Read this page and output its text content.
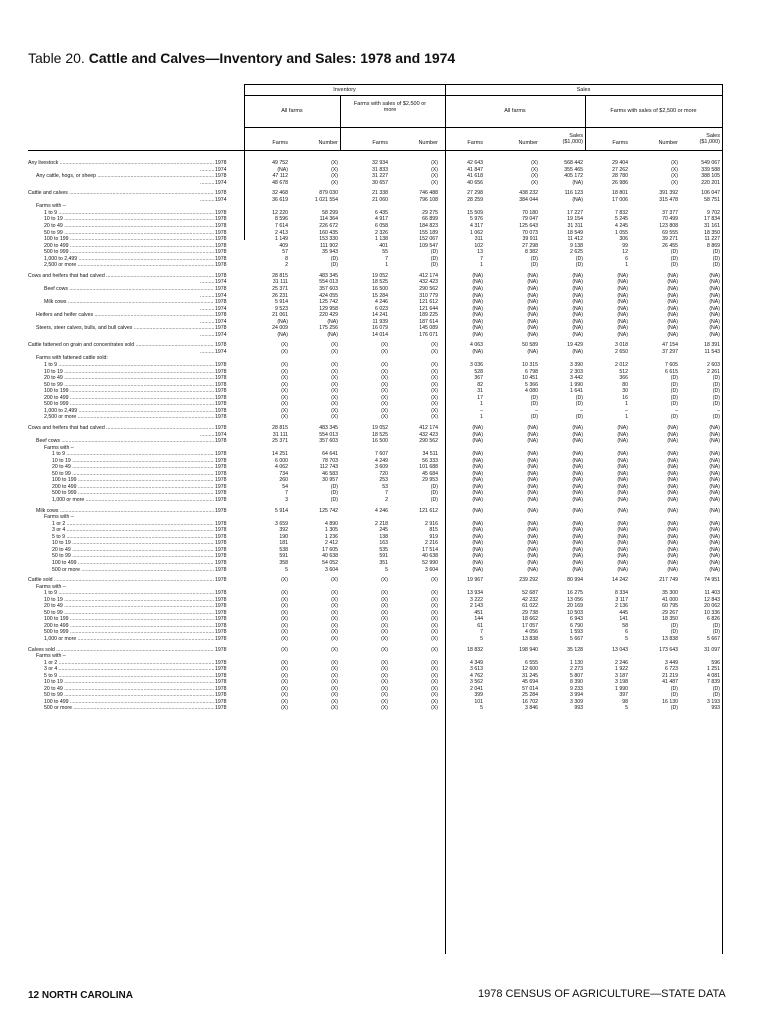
Table 20. Cattle and Calves—Inventory and Sales: 1978 and 1974
Inventory	Sales
All farms
Farms with sales of $2,500 or more	All farms	Farms with sales of $2,500 or more
Farms	Number	Farms	Number	Farms	Number
Sales ($1,000)	Farms	Number
Sales ($1,000)
Any livestock .....	1978	49 752	(X)	32 934	(X)	42 643	(X)	568 442	29 404	(X)	549 067
.....
1974	(NA)	(X)	31 833	(X)	41 847	(X)	355 465	27 262	(X)	339 588
Any cattle, hogs, or sheep .....	1978	47 112	(X)	31 227	(X)	41 618	(X)	405 172	28 780	(X)	388 105
.....
1974	48 678	(X)	30 657	(X)	40 656	(X)	(NA)	26 986	(X)	220 201
Cattle and calves .....	1978	32 468	879 030	21 338	746 488	27 298	438 232	116 123	18 801	391 392	106 047
.....
1974	36 619	1 021 554	21 060	796 108	28 259	384 044	(NA)	17 006	315 478	58 751
Farms with –
1 to 9 .....	1978	12 220	58 299	6 435	29 275	15 509	70 180	17 227	7 832	37 377	9 702
10 to 19 .....	1978	8 596	114 364	4 917	66 899	5 976	79 047	19 154	5 245	70 499	17 834
20 to 49 .....	1978	7 614	226 672	6 058	184 823	4 317	125 643	31 311	4 245	123 808	31 161
50 to 99 .....	1978	2 413	160 435	2 326	155 189	1 062	70 073	18 549	1 055	69 555	18 350
100 to 199 .....	1978	1 149	153 330	1 138	152 067	311	39 911	11 412	306	39 271	11 227
200 to 499 .....	1978	409	111 902	401	109 547	102	27 298	9 138	99	26 455	8 869
500 to 999 .....	1978	57	35 943	55	(D)	13	8 382	2 625	12	(D)	(D)
1,000 to 2,499 .....	1978	8	(D)	7	(D)	7	(D)	(D)	6	(D)	(D)
2,500 or more .....	1978	2	(D)	1	(D)	1	(D)	(D)	1	(D)	(D)
Cows and heifers that had calved .....	1978	28 815	483 345	19 052	412 174	(NA)	(NA)	(NA)	(NA)	(NA)	(NA)
.....
1974	31 111	554 013	18 525	432 423	(NA)	(NA)	(NA)	(NA)	(NA)	(NA)
Beef cows .....	1978	25 371	357 603	16 500	290 562	(NA)	(NA)	(NA)	(NA)	(NA)	(NA)
.....
1974	26 231	424 055	15 284	310 779	(NA)	(NA)	(NA)	(NA)	(NA)	(NA)
Milk cows .....	1978	5 914	125 742	4 246	121 612	(NA)	(NA)	(NA)	(NA)	(NA)	(NA)
.....
1974	9 523	129 958	6 023	121 644	(NA)	(NA)	(NA)	(NA)	(NA)	(NA)
Heifers and heifer calves .....	1978	21 061	220 429	14 241	189 225	(NA)	(NA)	(NA)	(NA)	(NA)	(NA)
.....
1974	(NA)	(NA)	11 939	187 614	(NA)	(NA)	(NA)	(NA)	(NA)	(NA)
Steers, steer calves, bulls, and bull calves .....	1978	24 009	175 256	16 079	145 089	(NA)	(NA)	(NA)	(NA)	(NA)	(NA)
.....
1974	(NA)	(NA)	14 014	176 071	(NA)	(NA)	(NA)	(NA)	(NA)	(NA)
Cattle fattened on grain and concentrates sold .....	1978	(X)	(X)	(X)	(X)	4 063	50 589	19 429	3 018	47 154	18 391
.....
1974	(X)	(X)	(X)	(X)	(NA)	(NA)	(NA)	2 650	37 297	11 543
Farms with fattened cattle sold:
1 to 9 .....	1978	(X)	(X)	(X)	(X)	3 036	10 315	3 390	2 012	7 605	2 603
10 to 19 .....	1978	(X)	(X)	(X)	(X)	528	6 798	2 303	512	6 615	2 261
20 to 49 .....	1978	(X)	(X)	(X)	(X)	367	10 451	3 442	366	(D)	(D)
50 to 99 .....	1978	(X)	(X)	(X)	(X)	82	5 366	1 990	80	(D)	(D)
100 to 199 .....	1978	(X)	(X)	(X)	(X)	31	4 080	1 641	30	(D)	(D)
200 to 499 .....	1978	(X)	(X)	(X)	(X)	17	(D)	(D)	16	(D)	(D)
500 to 999 .....	1978	(X)	(X)	(X)	(X)	1	(D)	(D)	1	(D)	(D)
1,000 to 2,499 .....	1978	(X)	(X)	(X)	(X)	–	–	–	–	–	–
2,500 or more .....	1978	(X)	(X)	(X)	(X)	1	(D)	(D)	1	(D)	(D)
Cows and heifers that had calved .....	1978	28 815	483 345	19 052	412 174	(NA)	(NA)	(NA)	(NA)	(NA)	(NA)
.....
1974	31 111	554 013	18 525	432 423	(NA)	(NA)	(NA)	(NA)	(NA)	(NA)
Beef cows .....	1978	25 371	357 603	16 500	290 562	(NA)	(NA)	(NA)	(NA)	(NA)	(NA)
Farms with –
1 to 9 .....	1978	14 251	64 641	7 607	34 511	(NA)	(NA)	(NA)	(NA)	(NA)	(NA)
10 to 19 .....	1978	6 000	78 703	4 249	56 333	(NA)	(NA)	(NA)	(NA)	(NA)	(NA)
20 to 49 .....	1978	4 062	112 743	3 609	101 688	(NA)	(NA)	(NA)	(NA)	(NA)	(NA)
50 to 99 .....	1978	734	46 583	720	45 684	(NA)	(NA)	(NA)	(NA)	(NA)	(NA)
100 to 199 .....	1978	260	30 957	253	29 953	(NA)	(NA)	(NA)	(NA)	(NA)	(NA)
200 to 499 .....	1978	54	(D)	53	(D)	(NA)	(NA)	(NA)	(NA)	(NA)	(NA)
500 to 999 .....	1978	7	(D)	7	(D)	(NA)	(NA)	(NA)	(NA)	(NA)	(NA)
1,000 or more .....	1978	3	(D)	2	(D)	(NA)	(NA)	(NA)	(NA)	(NA)	(NA)
Milk cows .....	1978	5 914	125 742	4 246	121 612	(NA)	(NA)	(NA)	(NA)	(NA)	(NA)
Farms with –
1 or 2 .....	1978	3 659	4 890	2 218	2 916	(NA)	(NA)	(NA)	(NA)	(NA)	(NA)
3 or 4 .....	1978	392	1 305	245	815	(NA)	(NA)	(NA)	(NA)	(NA)	(NA)
5 to 9 .....	1978	190	1 236	138	919	(NA)	(NA)	(NA)	(NA)	(NA)	(NA)
10 to 19 .....	1978	181	2 412	163	2 216	(NA)	(NA)	(NA)	(NA)	(NA)	(NA)
20 to 49 .....	1978	538	17 605	535	17 514	(NA)	(NA)	(NA)	(NA)	(NA)	(NA)
50 to 99 .....	1978	591	40 638	591	40 638	(NA)	(NA)	(NA)	(NA)	(NA)	(NA)
100 to 499 .....	1978	358	54 052	351	52 990	(NA)	(NA)	(NA)	(NA)	(NA)	(NA)
500 or more .....	1978	5	3 604	5	3 604	(NA)	(NA)	(NA)	(NA)	(NA)	(NA)
Cattle sold .....	1978	(X)	(X)	(X)	(X)	19 967	239 292	80 994	14 242	217 749	74 951
Farms with –
1 to 9 .....	1978	(X)	(X)	(X)	(X)	13 934	52 687	16 275	8 334	35 300	11 403
10 to 19 .....	1978	(X)	(X)	(X)	(X)	3 222	42 232	13 056	3 117	41 000	12 843
20 to 49 .....	1978	(X)	(X)	(X)	(X)	2 143	61 022	20 169	2 136	60 795	20 062
50 to 99 .....	1978	(X)	(X)	(X)	(X)	451	29 738	10 503	445	29 267	10 336
100 to 199 .....	1978	(X)	(X)	(X)	(X)	144	18 662	6 943	141	18 350	6 826
200 to 499 .....	1978	(X)	(X)	(X)	(X)	61	17 057	6 790	58	(D)	(D)
500 to 999 .....	1978	(X)	(X)	(X)	(X)	7	4 056	1 593	6	(D)	(D)
1,000 or more .....	1978	(X)	(X)	(X)	(X)	5	13 838	5 667	5	13 838	5 667
Calves sold .....	1978	(X)	(X)	(X)	(X)	18 832	198 940	35 128	13 043	173 643	31 097
Farms with –
1 or 2 .....	1978	(X)	(X)	(X)	(X)	4 349	6 555	1 130	2 246	3 449	596
3 or 4 .....	1978	(X)	(X)	(X)	(X)	3 613	12 600	2 273	1 922	6 723	1 251
5 to 9 .....	1978	(X)	(X)	(X)	(X)	4 762	31 245	5 807	3 187	21 219	4 081
10 to 19 .....	1978	(X)	(X)	(X)	(X)	3 562	45 694	8 390	3 198	41 487	7 839
20 to 49 .....	1978	(X)	(X)	(X)	(X)	2 041	57 014	9 233	1 990	(D)	(D)
50 to 99 .....	1978	(X)	(X)	(X)	(X)	399	25 284	3 994	397	(D)	(D)
100 to 499 .....	1978	(X)	(X)	(X)	(X)	101	16 702	3 309	98	16 130	3 193
500 or more .....	1978	(X)	(X)	(X)	(X)	5	3 846	993	5	(D)	993
12 NORTH CAROLINA	1978 CENSUS OF AGRICULTURE—STATE DATA
